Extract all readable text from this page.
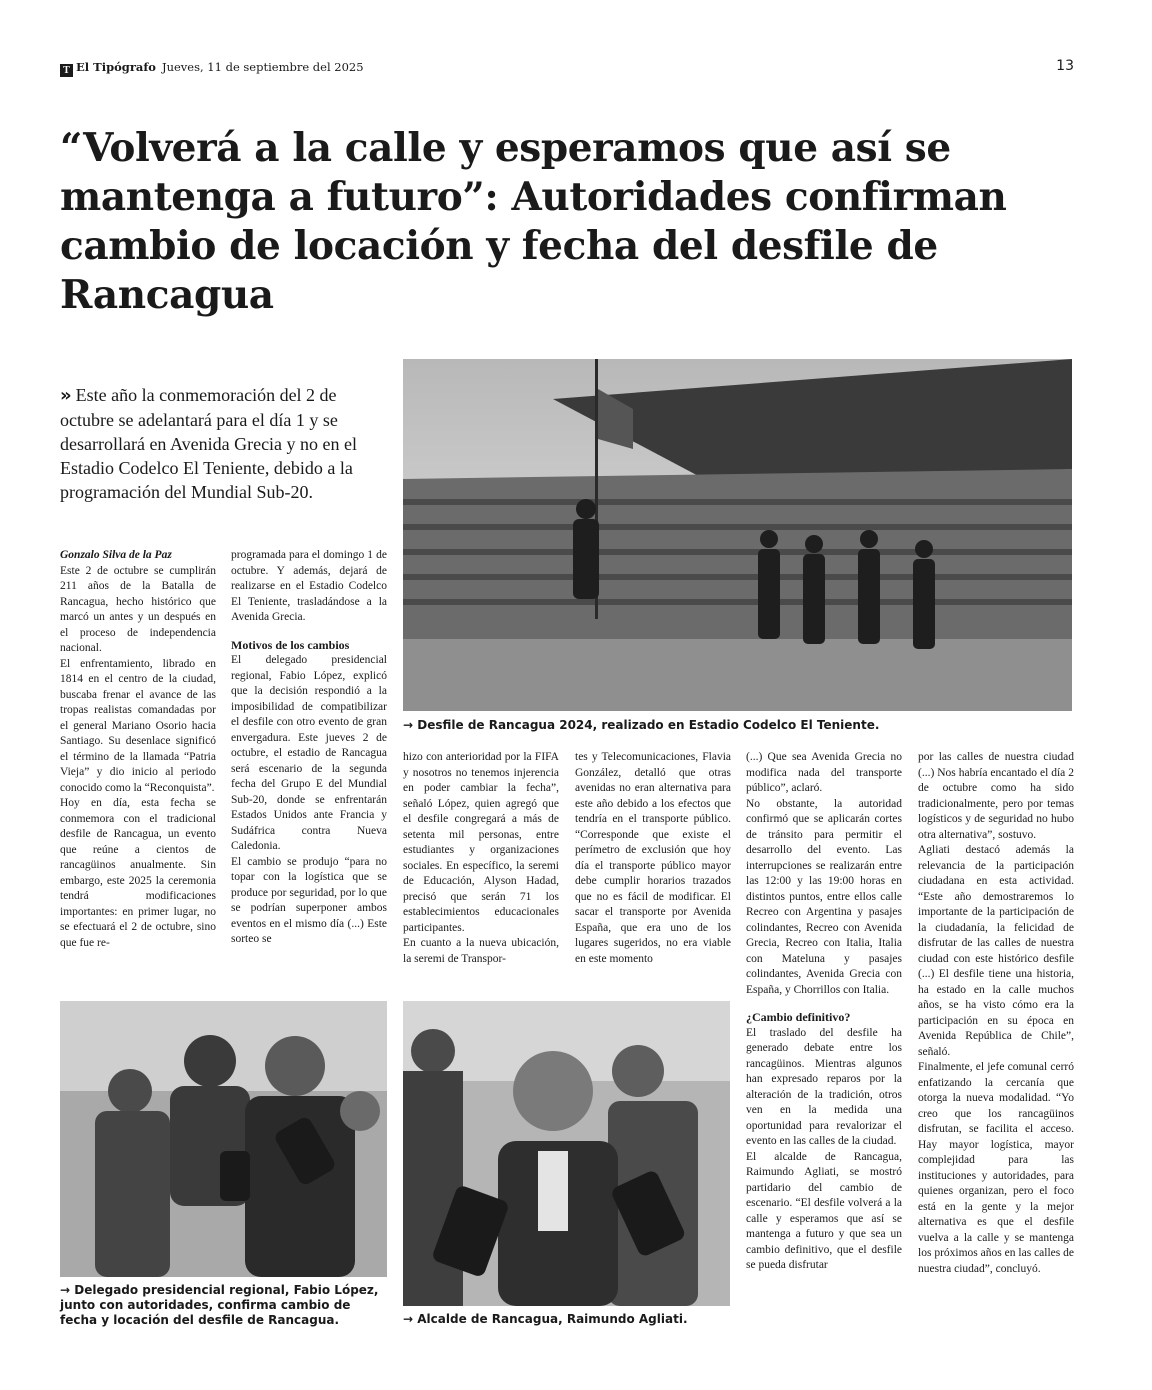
T El Tipógrafo Jueves, 11 de septiembre del 2025	13
“Volverá a la calle y esperamos que así se mantenga a futuro”: Autoridades confirman cambio de locación y fecha del desfile de Rancagua
» Este año la conmemoración del 2 de octubre se adelantará para el día 1 y se desarrollará en Avenida Grecia y no en el Estadio Codelco El Teniente, debido a la programación del Mundial Sub-20.
→ Desfile de Rancagua 2024, realizado en Estadio Codelco El Teniente.

Gonzalo Silva de la Paz

Este 2 de octubre se cumplirán 211 años de la Batalla de Rancagua, hecho histórico que marcó un antes y un después en el proceso de independencia nacional.

El enfrentamiento, librado en 1814 en el centro de la ciudad, buscaba frenar el avance de las tropas realistas comandadas por el general Mariano Osorio hacia Santiago. Su desenlace significó el término de la llamada “Patria Vieja” y dio inicio al periodo conocido como la “Reconquista”.

Hoy en día, esta fecha se conmemora con el tradicional desfile de Rancagua, un evento que reúne a cientos de rancagüinos anualmente. Sin embargo, este 2025 la ceremonia tendrá modificaciones importantes: en primer lugar, no se efectuará el 2 de octubre, sino que fue re-

programada para el domingo 1 de octubre. Y además, dejará de realizarse en el Estadio Codelco El Teniente, trasladándose a la Avenida Grecia.

Motivos de los cambios

El delegado presidencial regional, Fabio López, explicó que la decisión respondió a la imposibilidad de compatibilizar el desfile con otro evento de gran envergadura. Este jueves 2 de octubre, el estadio de Rancagua será escenario de la segunda fecha del Grupo E del Mundial Sub-20, donde se enfrentarán Estados Unidos ante Francia y Sudáfrica contra Nueva Caledonia.

El cambio se produjo “para no topar con la logística que se produce por seguridad, por lo que se podrían superponer ambos eventos en el mismo día (...) Este sorteo se

hizo con anterioridad por la FIFA y nosotros no tenemos injerencia en poder cambiar la fecha”, señaló López, quien agregó que el desfile congregará a más de setenta mil personas, entre estudiantes y organizaciones sociales. En específico, la seremi de Educación, Alyson Hadad, precisó que serán 71 los establecimientos educacionales participantes.

En cuanto a la nueva ubicación, la seremi de Transpor-

tes y Telecomunicaciones, Flavia González, detalló que otras avenidas no eran alternativa para este año debido a los efectos que tendría en el transporte público. “Corresponde que existe el perímetro de exclusión que hoy día el transporte público mayor debe cumplir horarios trazados que no es fácil de modificar. El sacar el transporte por Avenida España, que era uno de los lugares sugeridos, no era viable en este momento

(...) Que sea Avenida Grecia no modifica nada del transporte público”, aclaró.

No obstante, la autoridad confirmó que se aplicarán cortes de tránsito para permitir el desarrollo del evento. Las interrupciones se realizarán entre las 12:00 y las 19:00 horas en distintos puntos, entre ellos calle Recreo con Argentina y pasajes colindantes, Recreo con Avenida Grecia, Recreo con Italia, Italia con Mateluna y pasajes colindantes, Avenida Grecia con España, y Chorrillos con Italia.

¿Cambio definitivo?

El traslado del desfile ha generado debate entre los rancagüinos. Mientras algunos han expresado reparos por la alteración de la tradición, otros ven en la medida una oportunidad para revalorizar el evento en las calles de la ciudad.

El alcalde de Rancagua, Raimundo Agliati, se mostró partidario del cambio de escenario. “El desfile volverá a la calle y esperamos que así se mantenga a futuro y que sea un cambio definitivo, que el desfile se pueda disfrutar

por las calles de nuestra ciudad (...) Nos habría encantado el día 2 de octubre como ha sido tradicionalmente, pero por temas logísticos y de seguridad no hubo otra alternativa”, sostuvo.

Agliati destacó además la relevancia de la participación ciudadana en esta actividad. “Este año demostraremos lo importante de la participación de la ciudadanía, la felicidad de disfrutar de las calles de nuestra ciudad con este histórico desfile (...) El desfile tiene una historia, ha estado en la calle muchos años, se ha visto cómo era la participación en su época en Avenida República de Chile”, señaló.

Finalmente, el jefe comunal cerró enfatizando la cercanía que otorga la nueva modalidad. “Yo creo que los rancagüinos disfrutan, se facilita el acceso. Hay mayor logística, mayor complejidad para las instituciones y autoridades, para quienes organizan, pero el foco está en la gente y la mejor alternativa es que el desfile vuelva a la calle y se mantenga los próximos años en las calles de nuestra ciudad”, concluyó.

→ Delegado presidencial regional, Fabio López, junto con autoridades, confirma cambio de fecha y locación del desfile de Rancagua.	→ Alcalde de Rancagua, Raimundo Agliati.
